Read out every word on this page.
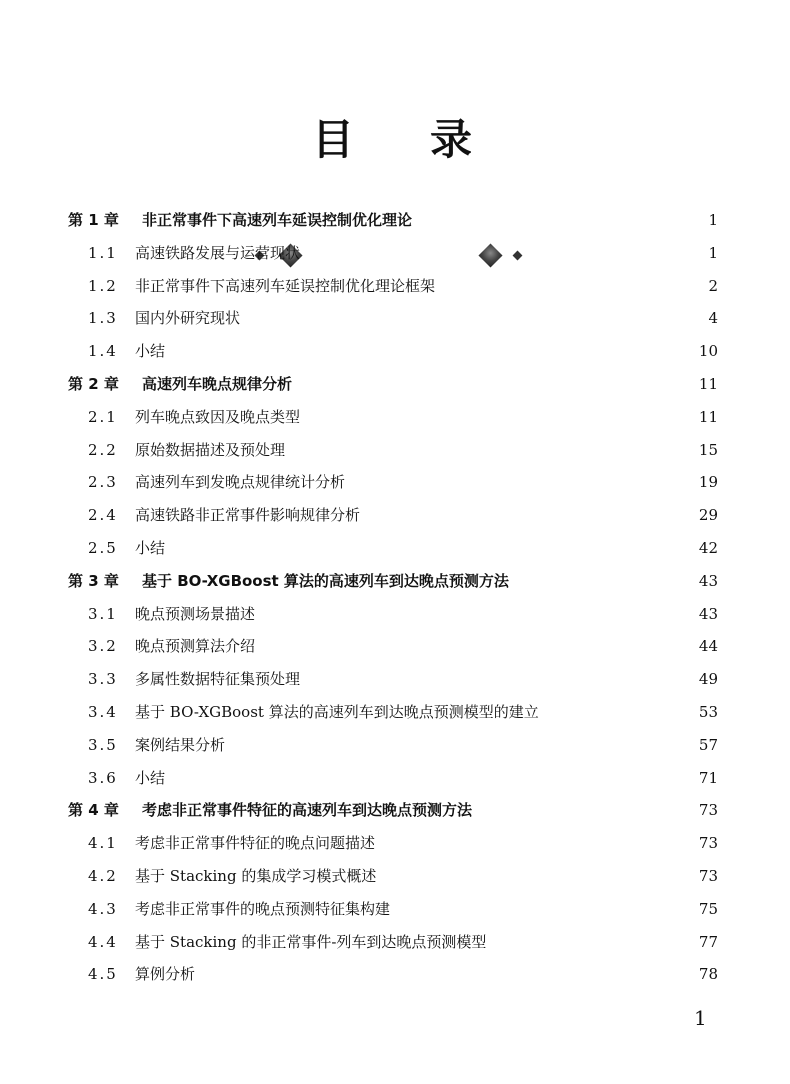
目 录
第 1 章	非正常事件下高速列车延误控制优化理论	1
1.1	高速铁路发展与运营现状	1
1.2	非正常事件下高速列车延误控制优化理论框架	2
1.3	国内外研究现状	4
1.4	小结	10
第 2 章	高速列车晚点规律分析	11
2.1	列车晚点致因及晚点类型	11
2.2	原始数据描述及预处理	15
2.3	高速列车到发晚点规律统计分析	19
2.4	高速铁路非正常事件影响规律分析	29
2.5	小结	42
第 3 章	基于 BO-XGBoost 算法的高速列车到达晚点预测方法	43
3.1	晚点预测场景描述	43
3.2	晚点预测算法介绍	44
3.3	多属性数据特征集预处理	49
3.4	基于 BO-XGBoost 算法的高速列车到达晚点预测模型的建立	53
3.5	案例结果分析	57
3.6	小结	71
第 4 章	考虑非正常事件特征的高速列车到达晚点预测方法	73
4.1	考虑非正常事件特征的晚点问题描述	73
4.2	基于 Stacking 的集成学习模式概述	73
4.3	考虑非正常事件的晚点预测特征集构建	75
4.4	基于 Stacking 的非正常事件-列车到达晚点预测模型	77
4.5	算例分析	78
1
